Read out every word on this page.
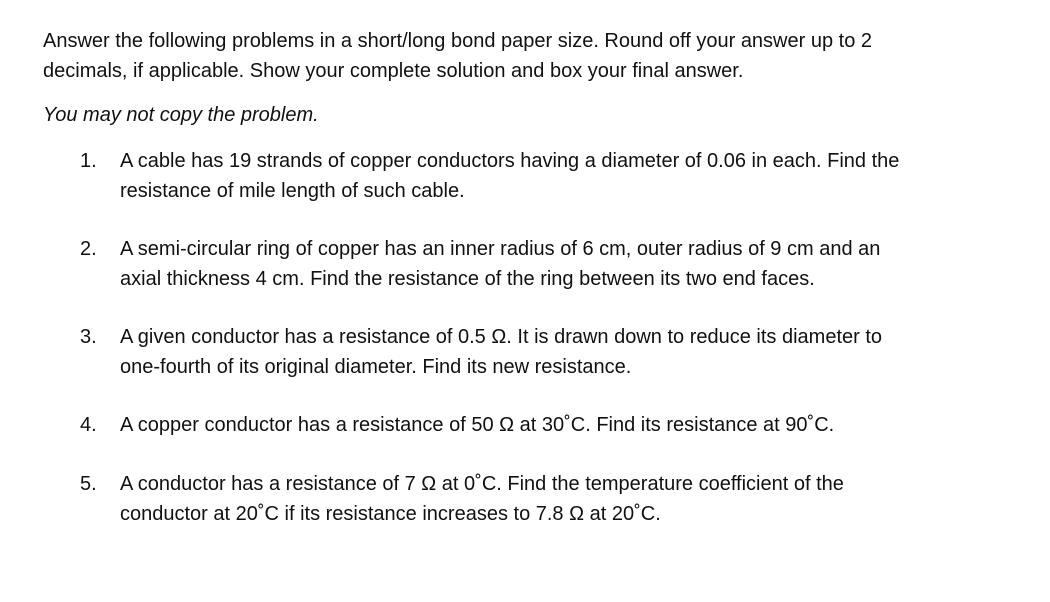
Answer the following problems in a short/long bond paper size. Round off your answer up to 2
decimals, if applicable. Show your complete solution and box your final answer.

You may not copy the problem.

1.	A cable has 19 strands of copper conductors having a diameter of 0.06 in each. Find the
resistance of mile length of such cable.
2.	A semi-circular ring of copper has an inner radius of 6 cm, outer radius of 9 cm and an
axial thickness 4 cm. Find the resistance of the ring between its two end faces.
3.	A given conductor has a resistance of 0.5 Ω. It is drawn down to reduce its diameter to
one-fourth of its original diameter. Find its new resistance.
4.	A copper conductor has a resistance of 50 Ω at 30˚C. Find its resistance at 90˚C.
5.	A conductor has a resistance of 7 Ω at 0˚C. Find the temperature coefficient of the
conductor at 20˚C if its resistance increases to 7.8 Ω at 20˚C.
